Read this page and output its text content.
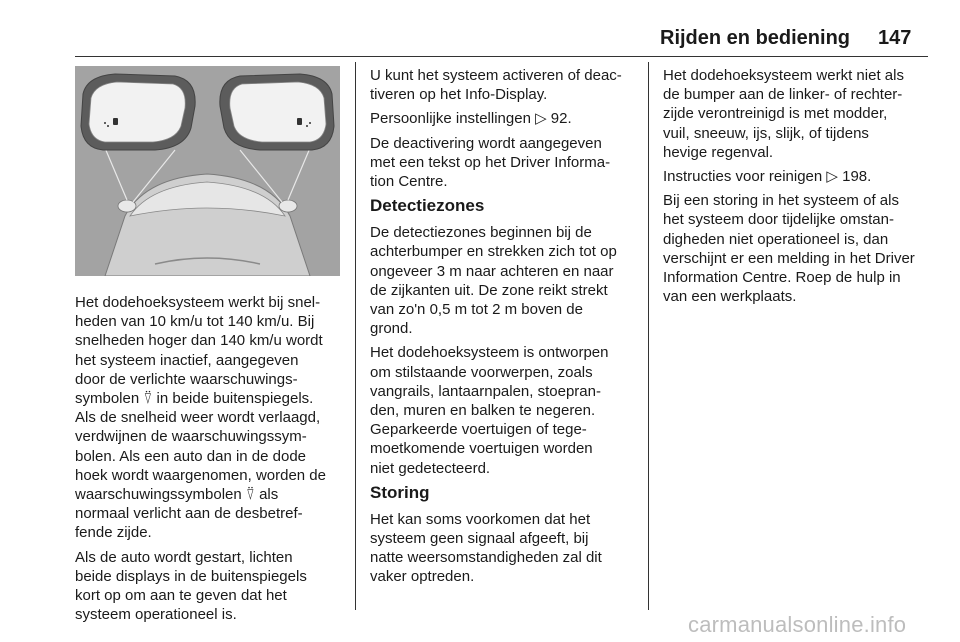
Rijden en bediening 147

Het dodehoeksysteem werkt bij snel-
heden van 10 km/u tot 140 km/u. Bij
snelheden hoger dan 140 km/u wordt
het systeem inactief, aangegeven
door de verlichte waarschuwings-
symbolen ⍢ in beide buitenspiegels.
Als de snelheid weer wordt verlaagd,
verdwijnen de waarschuwingssym-
bolen. Als een auto dan in de dode
hoek wordt waargenomen, worden de
waarschuwingssymbolen ⍢ als
normaal verlicht aan de desbetref-
fende zijde.

Als de auto wordt gestart, lichten
beide displays in de buitenspiegels
kort op om aan te geven dat het
systeem operationeel is.

U kunt het systeem activeren of deac-
tiveren op het Info-Display.

Persoonlijke instellingen ▷ 92.

De deactivering wordt aangegeven
met een tekst op het Driver Informa-
tion Centre.

Detectiezones

De detectiezones beginnen bij de
achterbumper en strekken zich tot op
ongeveer 3 m naar achteren en naar
de zijkanten uit. De zone reikt strekt
van zo'n 0,5 m tot 2 m boven de
grond.

Het dodehoeksysteem is ontworpen
om stilstaande voorwerpen, zoals
vangrails, lantaarnpalen, stoepran-
den, muren en balken te negeren.
Geparkeerde voertuigen of tege-
moetkomende voertuigen worden
niet gedetecteerd.

Storing

Het kan soms voorkomen dat het
systeem geen signaal afgeeft, bij
natte weersomstandigheden zal dit
vaker optreden.

Het dodehoeksysteem werkt niet als
de bumper aan de linker- of rechter-
zijde verontreinigd is met modder,
vuil, sneeuw, ijs, slijk, of tijdens
hevige regenval.

Instructies voor reinigen ▷ 198.

Bij een storing in het systeem of als
het systeem door tijdelijke omstan-
digheden niet operationeel is, dan
verschijnt er een melding in het Driver
Information Centre. Roep de hulp in
van een werkplaats.

carmanualsonline.info
